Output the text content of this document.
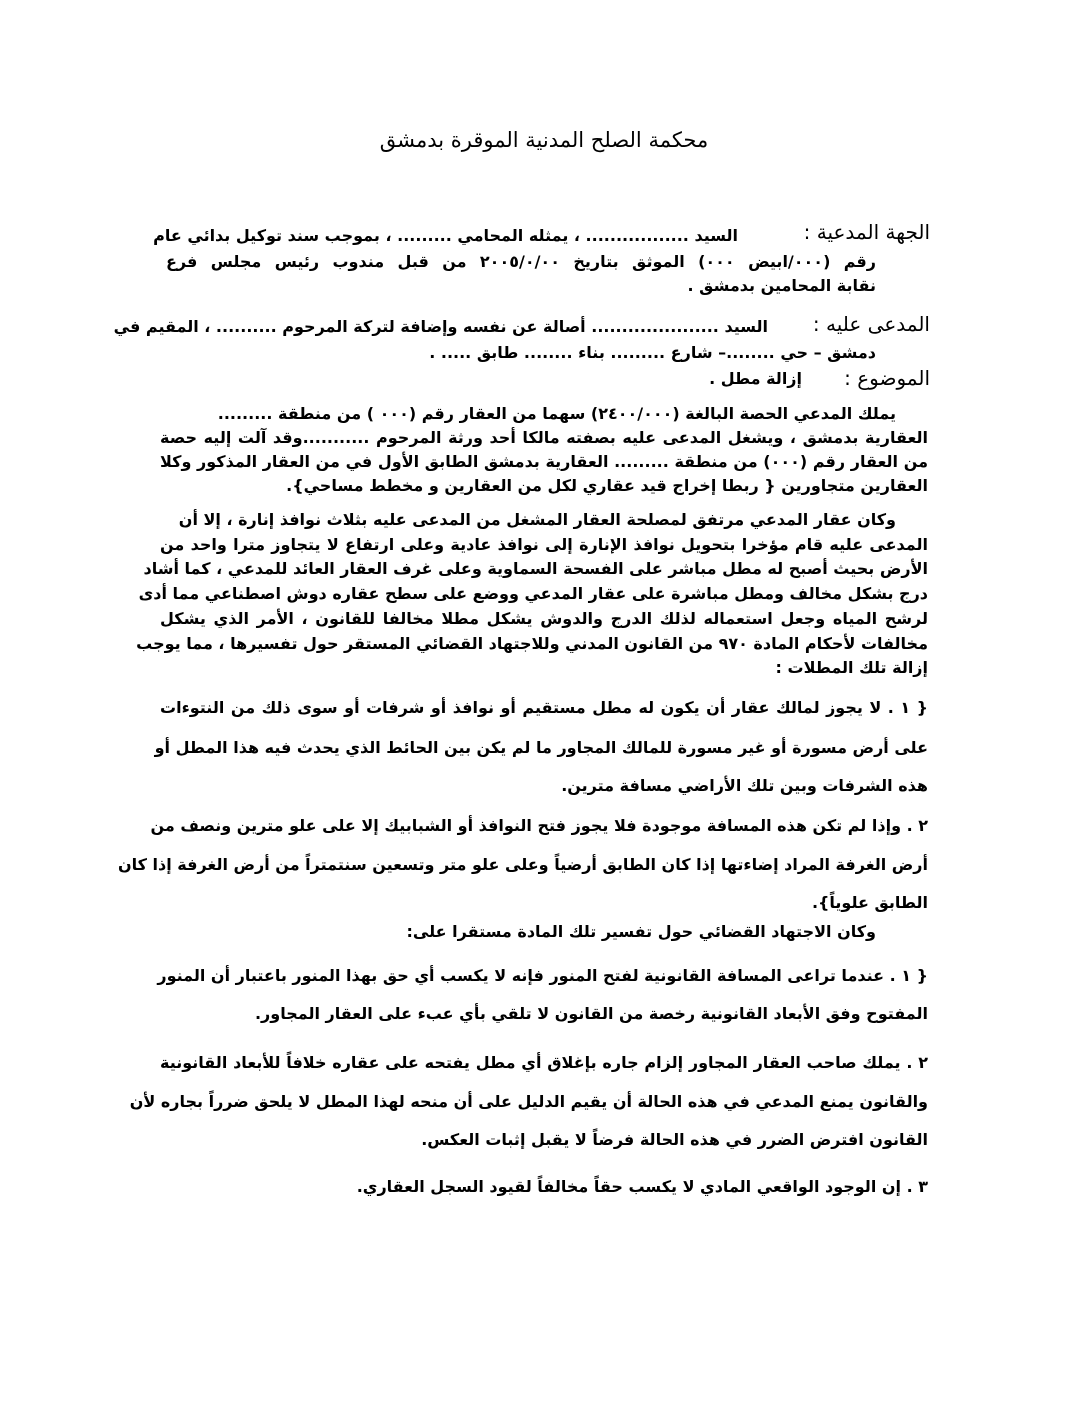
محكمة الصلح المدنية الموقرة بدمشق
الجهة المدعية :
السيد ................. ، يمثله المحامي ......... ، بموجب سند توكيل بدائي عام
رقم (٠٠٠/ابيض ٠٠٠) الموثق بتاريخ ٢٠٠٥/٠/٠٠ من قبل مندوب رئيس مجلس فرع
نقابة المحامين بدمشق .
المدعى عليه :
السيد ..................... أصالة عن نفسه وإضافة لتركة المرحوم .......... ، المقيم في
دمشق – حي ........– شارع ......... بناء ........ طابق ..... .
الموضوع :
إزالة مطل .
يملك المدعي الحصة البالغة (٢٤٠٠/٠٠٠) سهما من العقار رقم (٠٠٠ ) من منطقة .........
العقارية بدمشق ، ويشغل المدعى عليه بصفته مالكا أحد ورثة المرحوم ...........وقد آلت إليه حصة
من العقار رقم (٠٠٠) من منطقة ......... العقارية بدمشق الطابق الأول في من العقار المذكور وكلا
العقارين متجاورين { ربطا إخراج قيد عقاري لكل من العقارين و مخطط مساحي}.
وكان عقار المدعي مرتفق لمصلحة العقار المشغل من المدعى عليه بثلاث نوافذ إنارة ، إلا أن
المدعى عليه قام مؤخرا بتحويل نوافذ الإنارة إلى نوافذ عادية وعلى ارتفاع لا يتجاوز مترا واحد من
الأرض بحيث أصبح له مطل مباشر على الفسحة السماوية وعلى غرف العقار العائد للمدعي ، كما أشاد
درج بشكل مخالف ومطل مباشرة على عقار المدعي ووضع على سطح عقاره دوش اصطناعي مما أدى
لرشح المياه وجعل استعماله لذلك الدرج والدوش يشكل مطلا مخالفا للقانون ، الأمر الذي يشكل
مخالفات لأحكام المادة ٩٧٠ من القانون المدني وللاجتهاد القضائي المستقر حول تفسيرها ، مما يوجب
إزالة تلك المطلات :
{ ١ . لا يجوز لمالك عقار أن يكون له مطل مستقيم أو نوافذ أو شرفات أو سوى ذلك من النتوءات
على أرض مسورة أو غير مسورة للمالك المجاور ما لم يكن بين الحائط الذي يحدث فيه هذا المطل أو
هذه الشرفات وبين تلك الأراضي مسافة مترين.
٢ . وإذا لم تكن هذه المسافة موجودة فلا يجوز فتح النوافذ أو الشبابيك إلا على علو مترين ونصف من
أرض الغرفة المراد إضاءتها إذا كان الطابق أرضياً وعلى علو متر وتسعين سنتمتراً من أرض الغرفة إذا كان
الطابق علوياً}.
وكان الاجتهاد القضائي حول تفسير تلك المادة مستقرا على:
{ ١ . عندما تراعى المسافة القانونية لفتح المنور فإنه لا يكسب أي حق بهذا المنور باعتبار أن المنور
المفتوح وفق الأبعاد القانونية رخصة من القانون لا تلقي بأي عبء على العقار المجاور.
٢ . يملك صاحب العقار المجاور إلزام جاره بإغلاق أي مطل يفتحه على عقاره خلافاً للأبعاد القانونية
والقانون يمنع المدعي في هذه الحالة أن يقيم الدليل على أن منحه لهذا المطل لا يلحق ضرراً بجاره لأن
القانون افترض الضرر في هذه الحالة فرضاً لا يقبل إثبات العكس.
٣ . إن الوجود الواقعي المادي لا يكسب حقاً مخالفاً لقيود السجل العقاري.
